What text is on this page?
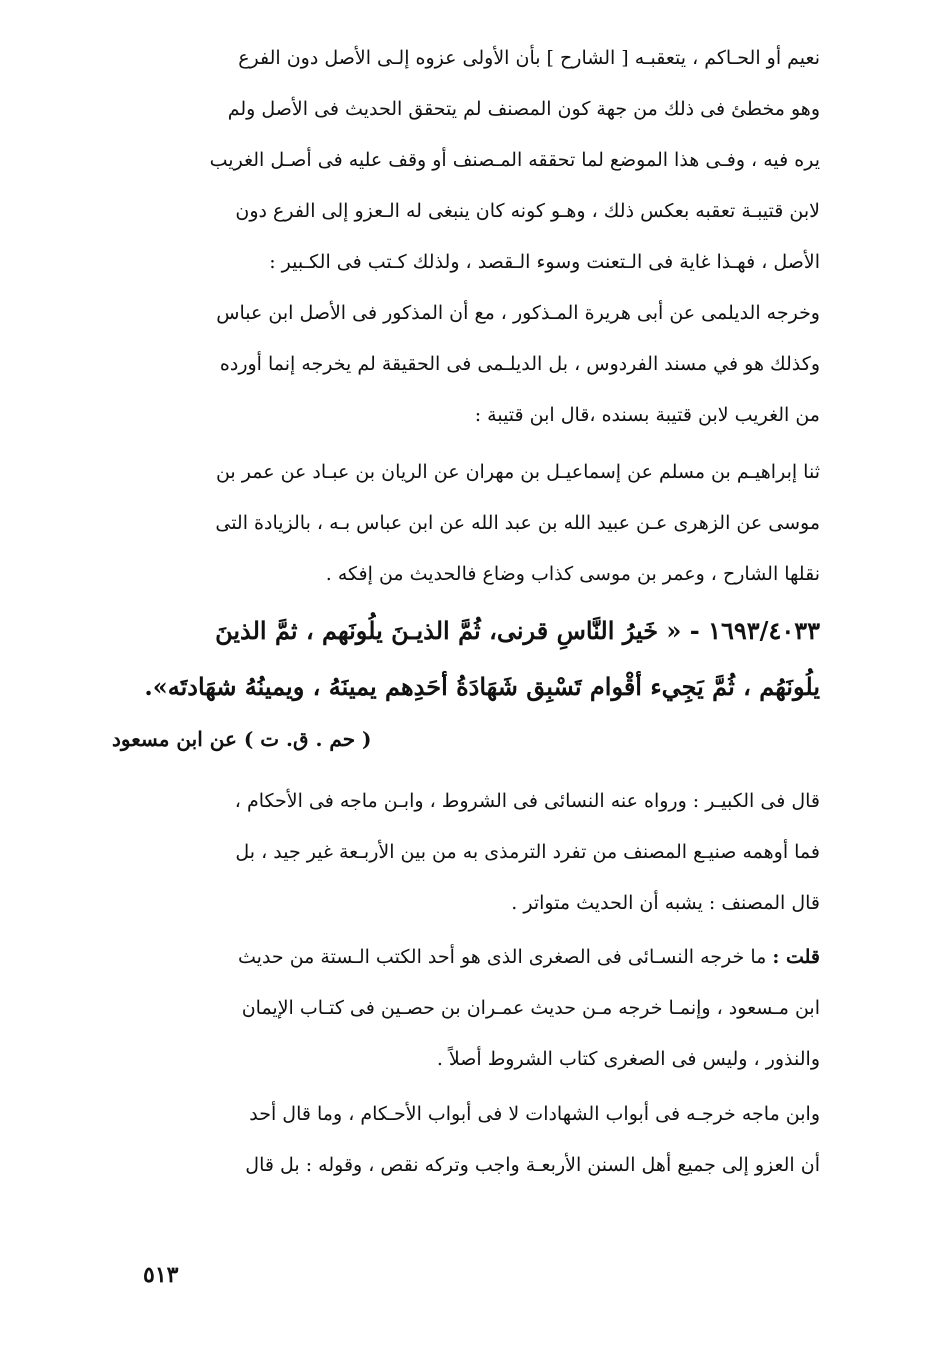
نعيم أو الحـاكم ، يتعقبـه [ الشارح ] بأن الأولى عزوه إلـى الأصل دون الفرع
وهو مخطئ فى ذلك من جهة كون المصنف لم يتحقق الحديث فى الأصل ولم
يره فيه ، وفـى هذا الموضع لما تحققه المـصنف أو وقف عليه فى أصـل الغريب
لابن قتيبـة تعقبه بعكس ذلك ، وهـو كونه كان ينبغى له الـعزو إلى الفرع دون
الأصل ، فهـذا غاية فى الـتعنت وسوء الـقصد ، ولذلك كـتب فى الكـبير :
وخرجه الديلمى عن أبى هريرة المـذكور ، مع أن المذكور فى الأصل ابن عباس
وكذلك هو في مسند الفردوس ، بل الديلـمى فى الحقيقة لم يخرجه إنما أورده
من الغريب لابن قتيبة بسنده ،قال ابن قتيبة :
ثنا إبراهيـم بن مسلم عن إسماعيـل بن مهران عن الريان بن عبـاد عن عمر بن
موسى عن الزهرى عـن عبيد الله بن عبد الله عن ابن عباس بـه ، بالزيادة التى
نقلها الشارح ، وعمر بن موسى كذاب وضاع فالحديث من إفكه .
١٦٩٣/٤٠٣٣ - « خَيرُ النَّاسِ قرنى، ثُمَّ الذيـنَ يلُونَهم ، ثمَّ الذينَ
يلُونَهُم ، ثُمَّ يَجِيء أقْوام تَسْبِق شَهَادَةُ أحَدِهم يمينَهُ ، ويمينُهُ شهَادتَه».
( حم . ق. ت ) عن ابن مسعود
قال فى الكبيـر : ورواه عنه النسائى فى الشروط ، وابـن ماجه فى الأحكام ،
فما أوهمه صنيـع المصنف من تفرد الترمذى به من بين الأربـعة غير جيد ، بل
قال المصنف : يشبه أن الحديث متواتر .
قلت : ما خرجه النسـائى فى الصغرى الذى هو أحد الكتب الـستة من حديث
ابن مـسعود ، وإنمـا خرجه مـن حديث عمـران بن حصـين فى كتـاب الإيمان
والنذور ، وليس فى الصغرى كتاب الشروط أصلاً .
وابن ماجه خرجـه فى أبواب الشهادات لا فى أبواب الأحـكام ، وما قال أحد
أن العزو إلى جميع أهل السنن الأربعـة واجب وتركه نقص ، وقوله : بل قال
٥١٣
